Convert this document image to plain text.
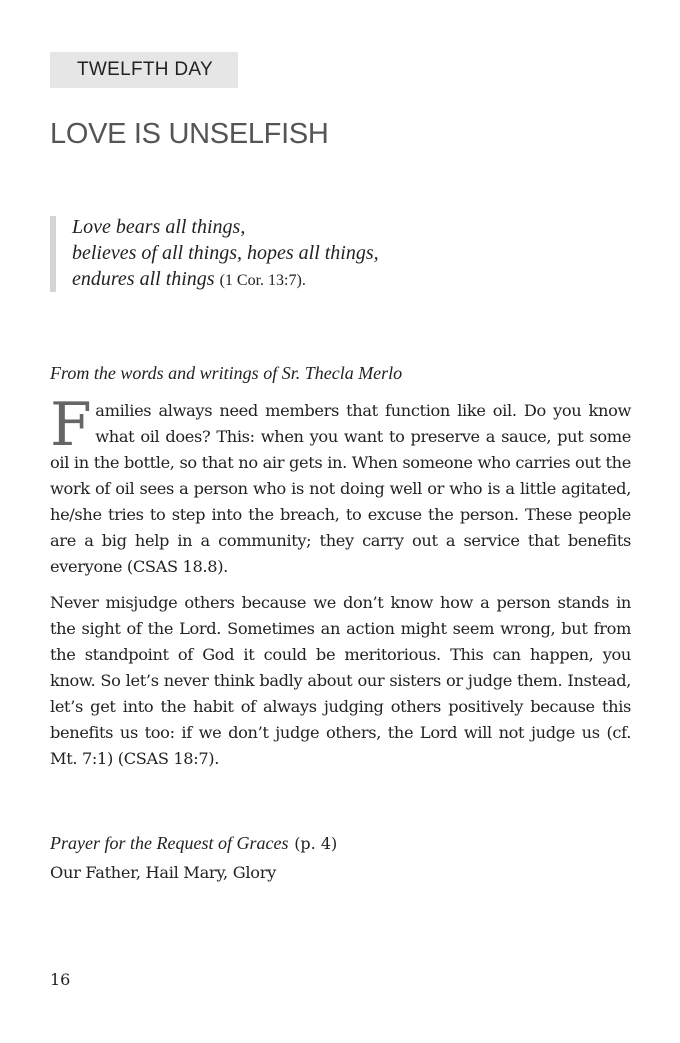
TWELFTH DAY
LOVE IS UNSELFISH

Love bears all things,
believes of all things, hopes all things,
endures all things (1 Cor. 13:7).

From the words and writings of Sr. Thecla Merlo

Families always need members that function like oil. Do you know what oil does? This: when you want to preserve a sauce, put some oil in the bottle, so that no air gets in. When someone who carries out the work of oil sees a person who is not doing well or who is a little agitated, he/she tries to step into the breach, to excuse the person. These people are a big help in a community; they carry out a service that benefits everyone (CSAS 18.8).

Never misjudge others because we don’t know how a person stands in the sight of the Lord. Sometimes an action might seem wrong, but from the standpoint of God it could be meritorious. This can happen, you know. So let’s never think badly about our sisters or judge them. Instead, let’s get into the habit of always judging others positively because this benefits us too: if we don’t judge others, the Lord will not judge us (cf. Mt. 7:1) (CSAS 18:7).

Prayer for the Request of Graces (p. 4)

Our Father, Hail Mary, Glory

16
